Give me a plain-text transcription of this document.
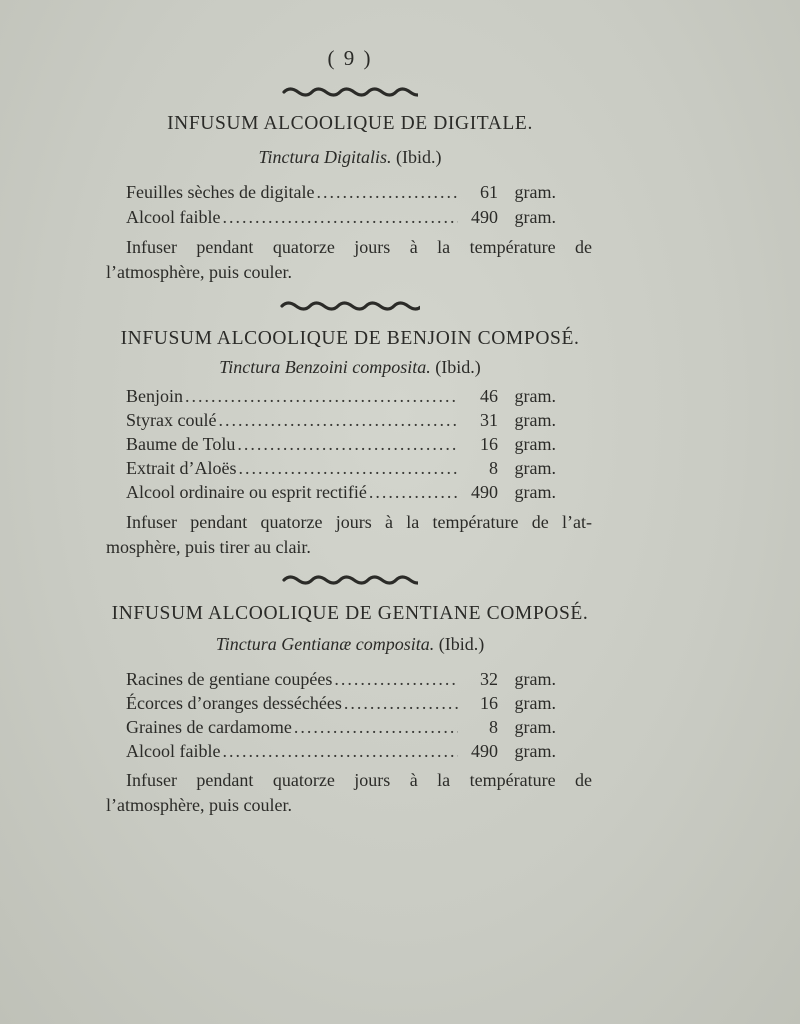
( 9 )
INFUSUM ALCOOLIQUE DE DIGITALE.
Tinctura Digitalis. (Ibid.)
Feuilles sèches de digitale .....	61 gram.
Alcool faible .....	490 gram.
Infuser pendant quatorze jours à la température de
l’atmosphère, puis couler.
INFUSUM ALCOOLIQUE DE BENJOIN COMPOSÉ.
Tinctura Benzoini composita. (Ibid.)
Benjoin .....	46 gram.
Styrax coulé .....	31 gram.
Baume de Tolu .....	16 gram.
Extrait d’Aloës .....	8 gram.
Alcool ordinaire ou esprit rectifié .....	490 gram.
Infuser pendant quatorze jours à la température de l’at-
mosphère, puis tirer au clair.
INFUSUM ALCOOLIQUE DE GENTIANE COMPOSÉ.
Tinctura Gentianæ composita. (Ibid.)
Racines de gentiane coupées .....	32 gram.
Écorces d’oranges desséchées .....	16 gram.
Graines de cardamome .....	8 gram.
Alcool faible .....	490 gram.
Infuser pendant quatorze jours à la température de
l’atmosphère, puis couler.
